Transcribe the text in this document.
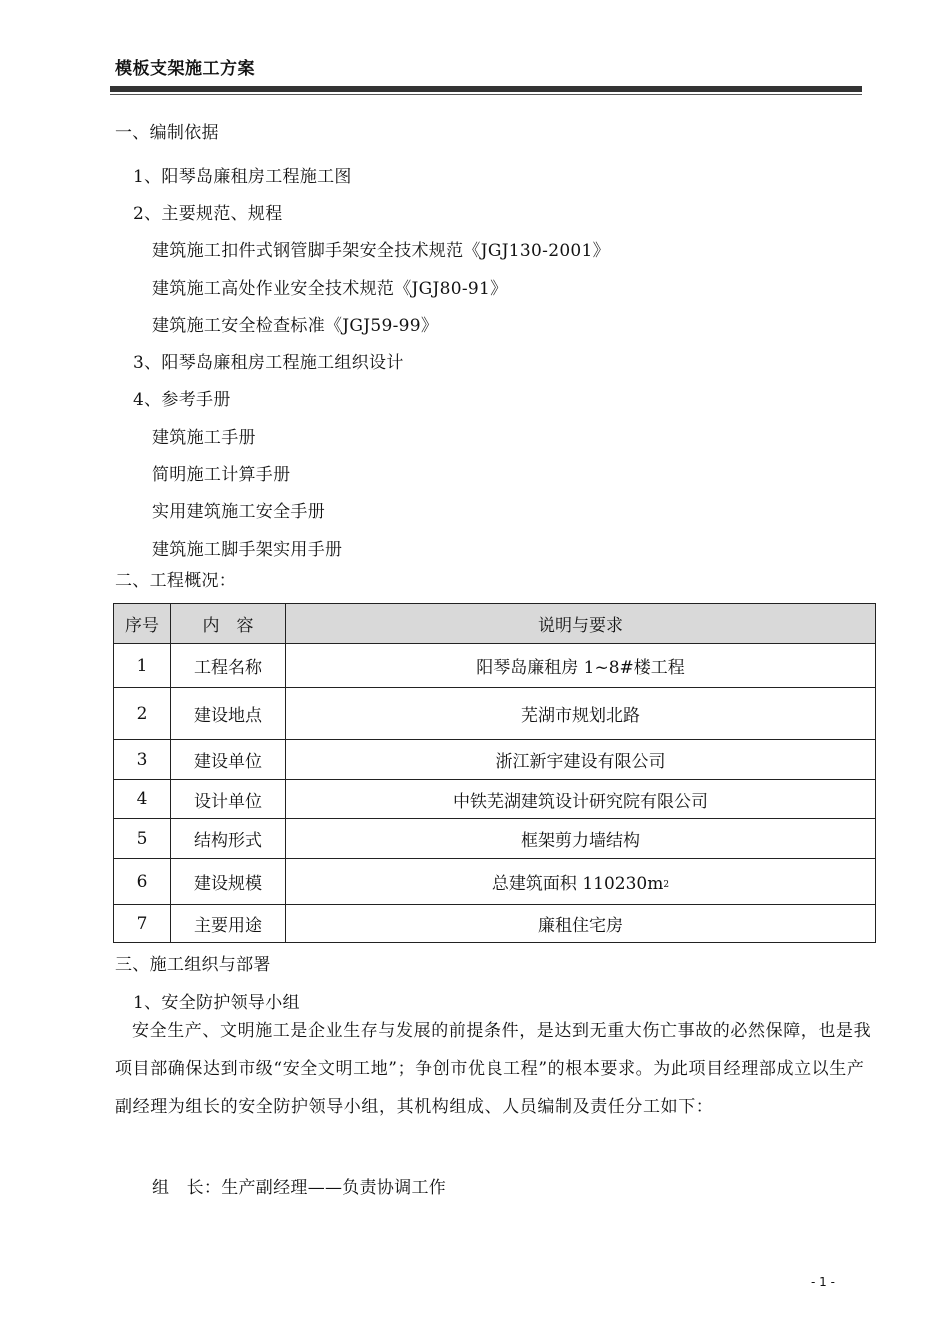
模板支架施工方案
一、编制依据
1、阳琴岛廉租房工程施工图
2、主要规范、规程
建筑施工扣件式钢管脚手架安全技术规范《JGJ130-2001》
建筑施工高处作业安全技术规范《JGJ80-91》
建筑施工安全检查标准《JGJ59-99》
3、阳琴岛廉租房工程施工组织设计
4、参考手册
建筑施工手册
简明施工计算手册
实用建筑施工安全手册
建筑施工脚手架实用手册
二、工程概况：
序号	内　容	说明与要求
1	工程名称	阳琴岛廉租房 1~8#楼工程
2	建设地点	芜湖市规划北路
3	建设单位	浙江新宇建设有限公司
4	设计单位	中铁芜湖建筑设计研究院有限公司
5	结构形式	框架剪力墙结构
6	建设规模	总建筑面积 $110230m^2$
7	主要用途	廉租住宅房
三、施工组织与部署
1、安全防护领导小组
安全生产、文明施工是企业生存与发展的前提条件，是达到无重大伤亡事故的必然保障，也是我项目部确保达到市级“安全文明工地”；争创市优良工程”的根本要求。为此项目经理部成立以生产副经理为组长的安全防护领导小组，其机构组成、人员编制及责任分工如下：
组　长：生产副经理——负责协调工作
- 1 -
